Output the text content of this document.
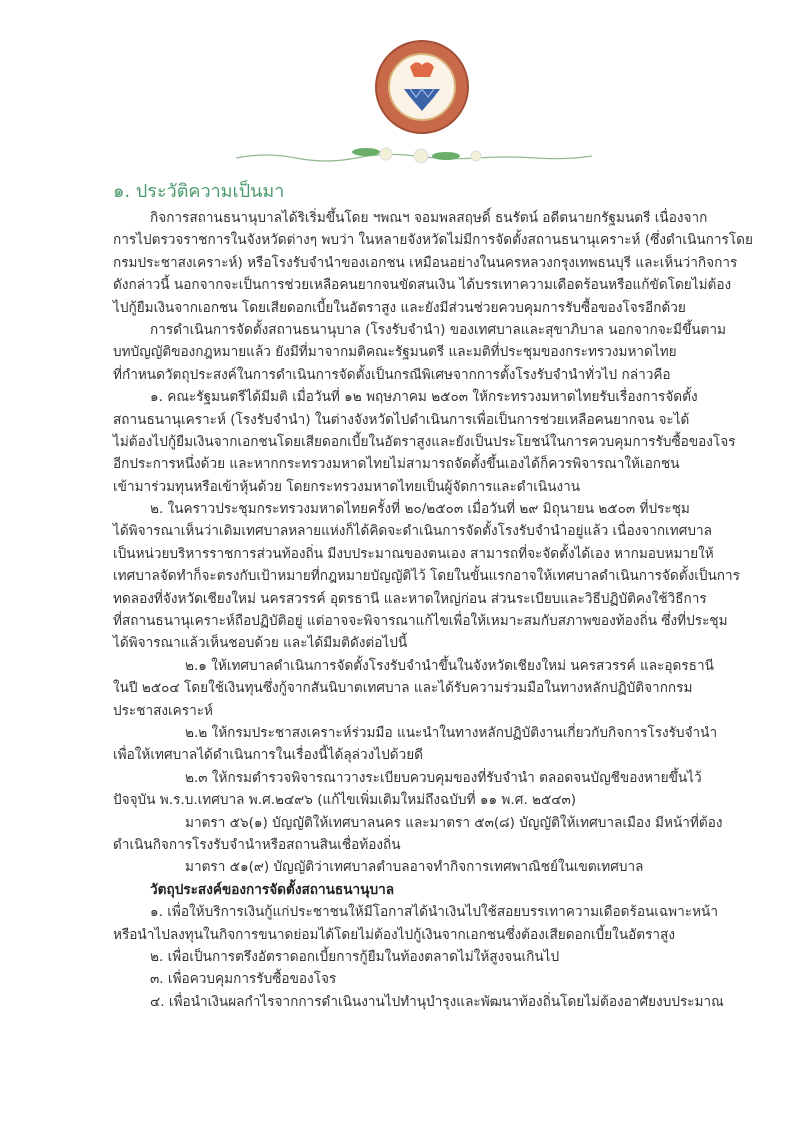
๑. ประวัติความเป็นมา
กิจการสถานธนานุบาลได้ริเริ่มขึ้นโดย ฯพณฯ จอมพลสฤษดิ์ ธนรัตน์ อดีตนายกรัฐมนตรี เนื่องจาก
การไปตรวจราชการในจังหวัดต่างๆ พบว่า ในหลายจังหวัดไม่มีการจัดตั้งสถานธนานุเคราะห์ (ซึ่งดำเนินการโดย
กรมประชาสงเคราะห์) หรือโรงรับจำนำของเอกชน เหมือนอย่างในนครหลวงกรุงเทพธนบุรี และเห็นว่ากิจการ
ดังกล่าวนี้ นอกจากจะเป็นการช่วยเหลือคนยากจนขัดสนเงิน ได้บรรเทาความเดือดร้อนหรือแก้ขัดโดยไม่ต้อง
ไปกู้ยืมเงินจากเอกชน โดยเสียดอกเบี้ยในอัตราสูง และยังมีส่วนช่วยควบคุมการรับซื้อของโจรอีกด้วย
การดำเนินการจัดตั้งสถานธนานุบาล (โรงรับจำนำ) ของเทศบาลและสุขาภิบาล นอกจากจะมีขึ้นตาม
บทบัญญัติของกฎหมายแล้ว ยังมีที่มาจากมติคณะรัฐมนตรี และมติที่ประชุมของกระทรวงมหาดไทย
ที่กำหนดวัตถุประสงค์ในการดำเนินการจัดตั้งเป็นกรณีพิเศษจากการตั้งโรงรับจำนำทั่วไป กล่าวคือ
๑. คณะรัฐมนตรีได้มีมติ เมื่อวันที่ ๑๒ พฤษภาคม ๒๕๐๓ ให้กระทรวงมหาดไทยรับเรื่องการจัดตั้ง
สถานธนานุเคราะห์ (โรงรับจำนำ) ในต่างจังหวัดไปดำเนินการเพื่อเป็นการช่วยเหลือคนยากจน จะได้
ไม่ต้องไปกู้ยืมเงินจากเอกชนโดยเสียดอกเบี้ยในอัตราสูงและยังเป็นประโยชน์ในการควบคุมการรับซื้อของโจร
อีกประการหนึ่งด้วย และหากกระทรวงมหาดไทยไม่สามารถจัดตั้งขึ้นเองได้ก็ควรพิจารณาให้เอกชน
เข้ามาร่วมทุนหรือเข้าหุ้นด้วย โดยกระทรวงมหาดไทยเป็นผู้จัดการและดำเนินงาน
๒. ในคราวประชุมกระทรวงมหาดไทยครั้งที่ ๒๐/๒๕๐๓ เมื่อวันที่ ๒๙ มิถุนายน ๒๕๐๓ ที่ประชุม
ได้พิจารณาเห็นว่าเดิมเทศบาลหลายแห่งก็ได้คิดจะดำเนินการจัดตั้งโรงรับจำนำอยู่แล้ว เนื่องจากเทศบาล
เป็นหน่วยบริหารราชการส่วนท้องถิ่น มีงบประมาณของตนเอง สามารถที่จะจัดตั้งได้เอง หากมอบหมายให้
เทศบาลจัดทำก็จะตรงกับเป้าหมายที่กฎหมายบัญญัติไว้ โดยในขั้นแรกอาจให้เทศบาลดำเนินการจัดตั้งเป็นการ
ทดลองที่จังหวัดเชียงใหม่ นครสวรรค์ อุดรธานี และหาดใหญ่ก่อน ส่วนระเบียบและวิธีปฏิบัติคงใช้วิธีการ
ที่สถานธนานุเคราะห์ถือปฏิบัติอยู่ แต่อาจจะพิจารณาแก้ไขเพื่อให้เหมาะสมกับสภาพของท้องถิ่น ซึ่งที่ประชุม
ได้พิจารณาแล้วเห็นชอบด้วย และได้มีมติดังต่อไปนี้
๒.๑ ให้เทศบาลดำเนินการจัดตั้งโรงรับจำนำขึ้นในจังหวัดเชียงใหม่ นครสวรรค์ และอุดรธานี
ในปี ๒๕๐๔ โดยใช้เงินทุนซึ่งกู้จากสันนิบาตเทศบาล และได้รับความร่วมมือในทางหลักปฏิบัติจากกรม
ประชาสงเคราะห์
๒.๒ ให้กรมประชาสงเคราะห์ร่วมมือ แนะนำในทางหลักปฏิบัติงานเกี่ยวกับกิจการโรงรับจำนำ
เพื่อให้เทศบาลได้ดำเนินการในเรื่องนี้ได้ลุล่วงไปด้วยดี
๒.๓ ให้กรมตำรวจพิจารณาวางระเบียบควบคุมของที่รับจำนำ ตลอดจนบัญชีของหายขึ้นไว้
ปัจจุบัน พ.ร.บ.เทศบาล พ.ศ.๒๔๙๖ (แก้ไขเพิ่มเติมใหม่ถึงฉบับที่ ๑๑ พ.ศ. ๒๕๔๓)
มาตรา ๕๖(๑) บัญญัติให้เทศบาลนคร และมาตรา ๕๓(๘) บัญญัติให้เทศบาลเมือง มีหน้าที่ต้อง
ดำเนินกิจการโรงรับจำนำหรือสถานสินเชื่อท้องถิ่น
มาตรา ๕๑(๙) บัญญัติว่าเทศบาลตำบลอาจทำกิจการเทศพาณิชย์ในเขตเทศบาล
วัตถุประสงค์ของการจัดตั้งสถานธนานุบาล
๑. เพื่อให้บริการเงินกู้แก่ประชาชนให้มีโอกาสได้นำเงินไปใช้สอยบรรเทาความเดือดร้อนเฉพาะหน้า
หรือนำไปลงทุนในกิจการขนาดย่อมได้โดยไม่ต้องไปกู้เงินจากเอกชนซึ่งต้องเสียดอกเบี้ยในอัตราสูง
๒. เพื่อเป็นการตรึงอัตราดอกเบี้ยการกู้ยืมในท้องตลาดไม่ให้สูงจนเกินไป
๓. เพื่อควบคุมการรับซื้อของโจร
๔. เพื่อนำเงินผลกำไรจากการดำเนินงานไปทำนุบำรุงและพัฒนาท้องถิ่นโดยไม่ต้องอาศัยงบประมาณ
